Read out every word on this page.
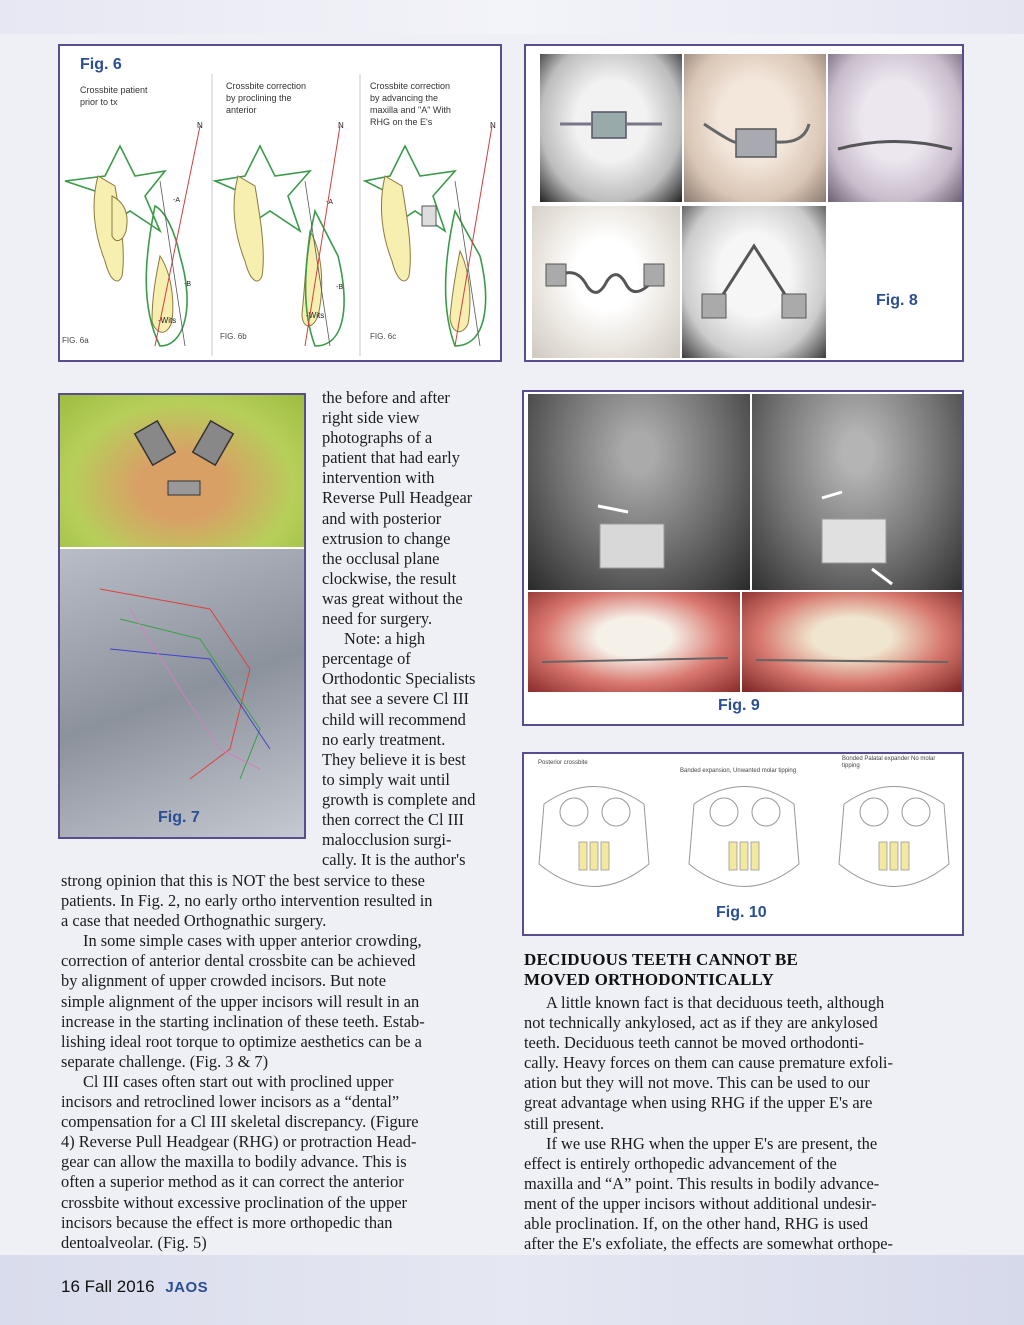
Fig. 6
N
-A
-B
-Wits
N
-A
-B
-Wits
N
Crossbite patient
prior to tx
Crossbite correction
by proclining the
anterior
Crossbite correction
by advancing the
maxilla and "A" With
RHG on the E's
FIG. 6a	FIG. 6b	FIG. 6c
Fig. 8
Fig. 7
Fig. 9
Posterior crossbite
Banded expansion, Unwanted molar tipping
Bonded Palatal expander No molar tipping
Fig. 10

the before and after

right side view

photographs of a

patient that had early

intervention with

Reverse Pull Headgear

and with posterior

extrusion to change

the occlusal plane

clockwise, the result

was great without the

need for surgery.

Note: a high

percentage of

Orthodontic Specialists

that see a severe Cl III

child will recommend

no early treatment.

They believe it is best

to simply wait until

growth is complete and

then correct the Cl III

malocclusion surgi-

cally. It is the author's

strong opinion that this is NOT the best service to these

patients. In Fig. 2, no early ortho intervention resulted in

a case that needed Orthognathic surgery.

In some simple cases with upper anterior crowding,

correction of anterior dental crossbite can be achieved

by alignment of upper crowded incisors. But note

simple alignment of the upper incisors will result in an

increase in the starting inclination of these teeth. Estab-

lishing ideal root torque to optimize aesthetics can be a

separate challenge. (Fig. 3 & 7)

Cl III cases often start out with proclined upper

incisors and retroclined lower incisors as a “dental”

compensation for a Cl III skeletal discrepancy. (Figure

4) Reverse Pull Headgear (RHG) or protraction Head-

gear can allow the maxilla to bodily advance. This is

often a superior method as it can correct the anterior

crossbite without excessive proclination of the upper

incisors because the effect is more orthopedic than

dentoalveolar. (Fig. 5)

DECIDUOUS TEETH CANNOT BE
MOVED ORTHODONTICALLY

A little known fact is that deciduous teeth, although

not technically ankylosed, act as if they are ankylosed

teeth. Deciduous teeth cannot be moved orthodonti-

cally. Heavy forces on them can cause premature exfoli-

ation but they will not move. This can be used to our

great advantage when using RHG if the upper E's are

still present.

If we use RHG when the upper E's are present, the

effect is entirely orthopedic advancement of the

maxilla and “A” point. This results in bodily advance-

ment of the upper incisors without additional undesir-

able proclination. If, on the other hand, RHG is used

after the E's exfoliate, the effects are somewhat orthope-

16 Fall 2016 JAOS
